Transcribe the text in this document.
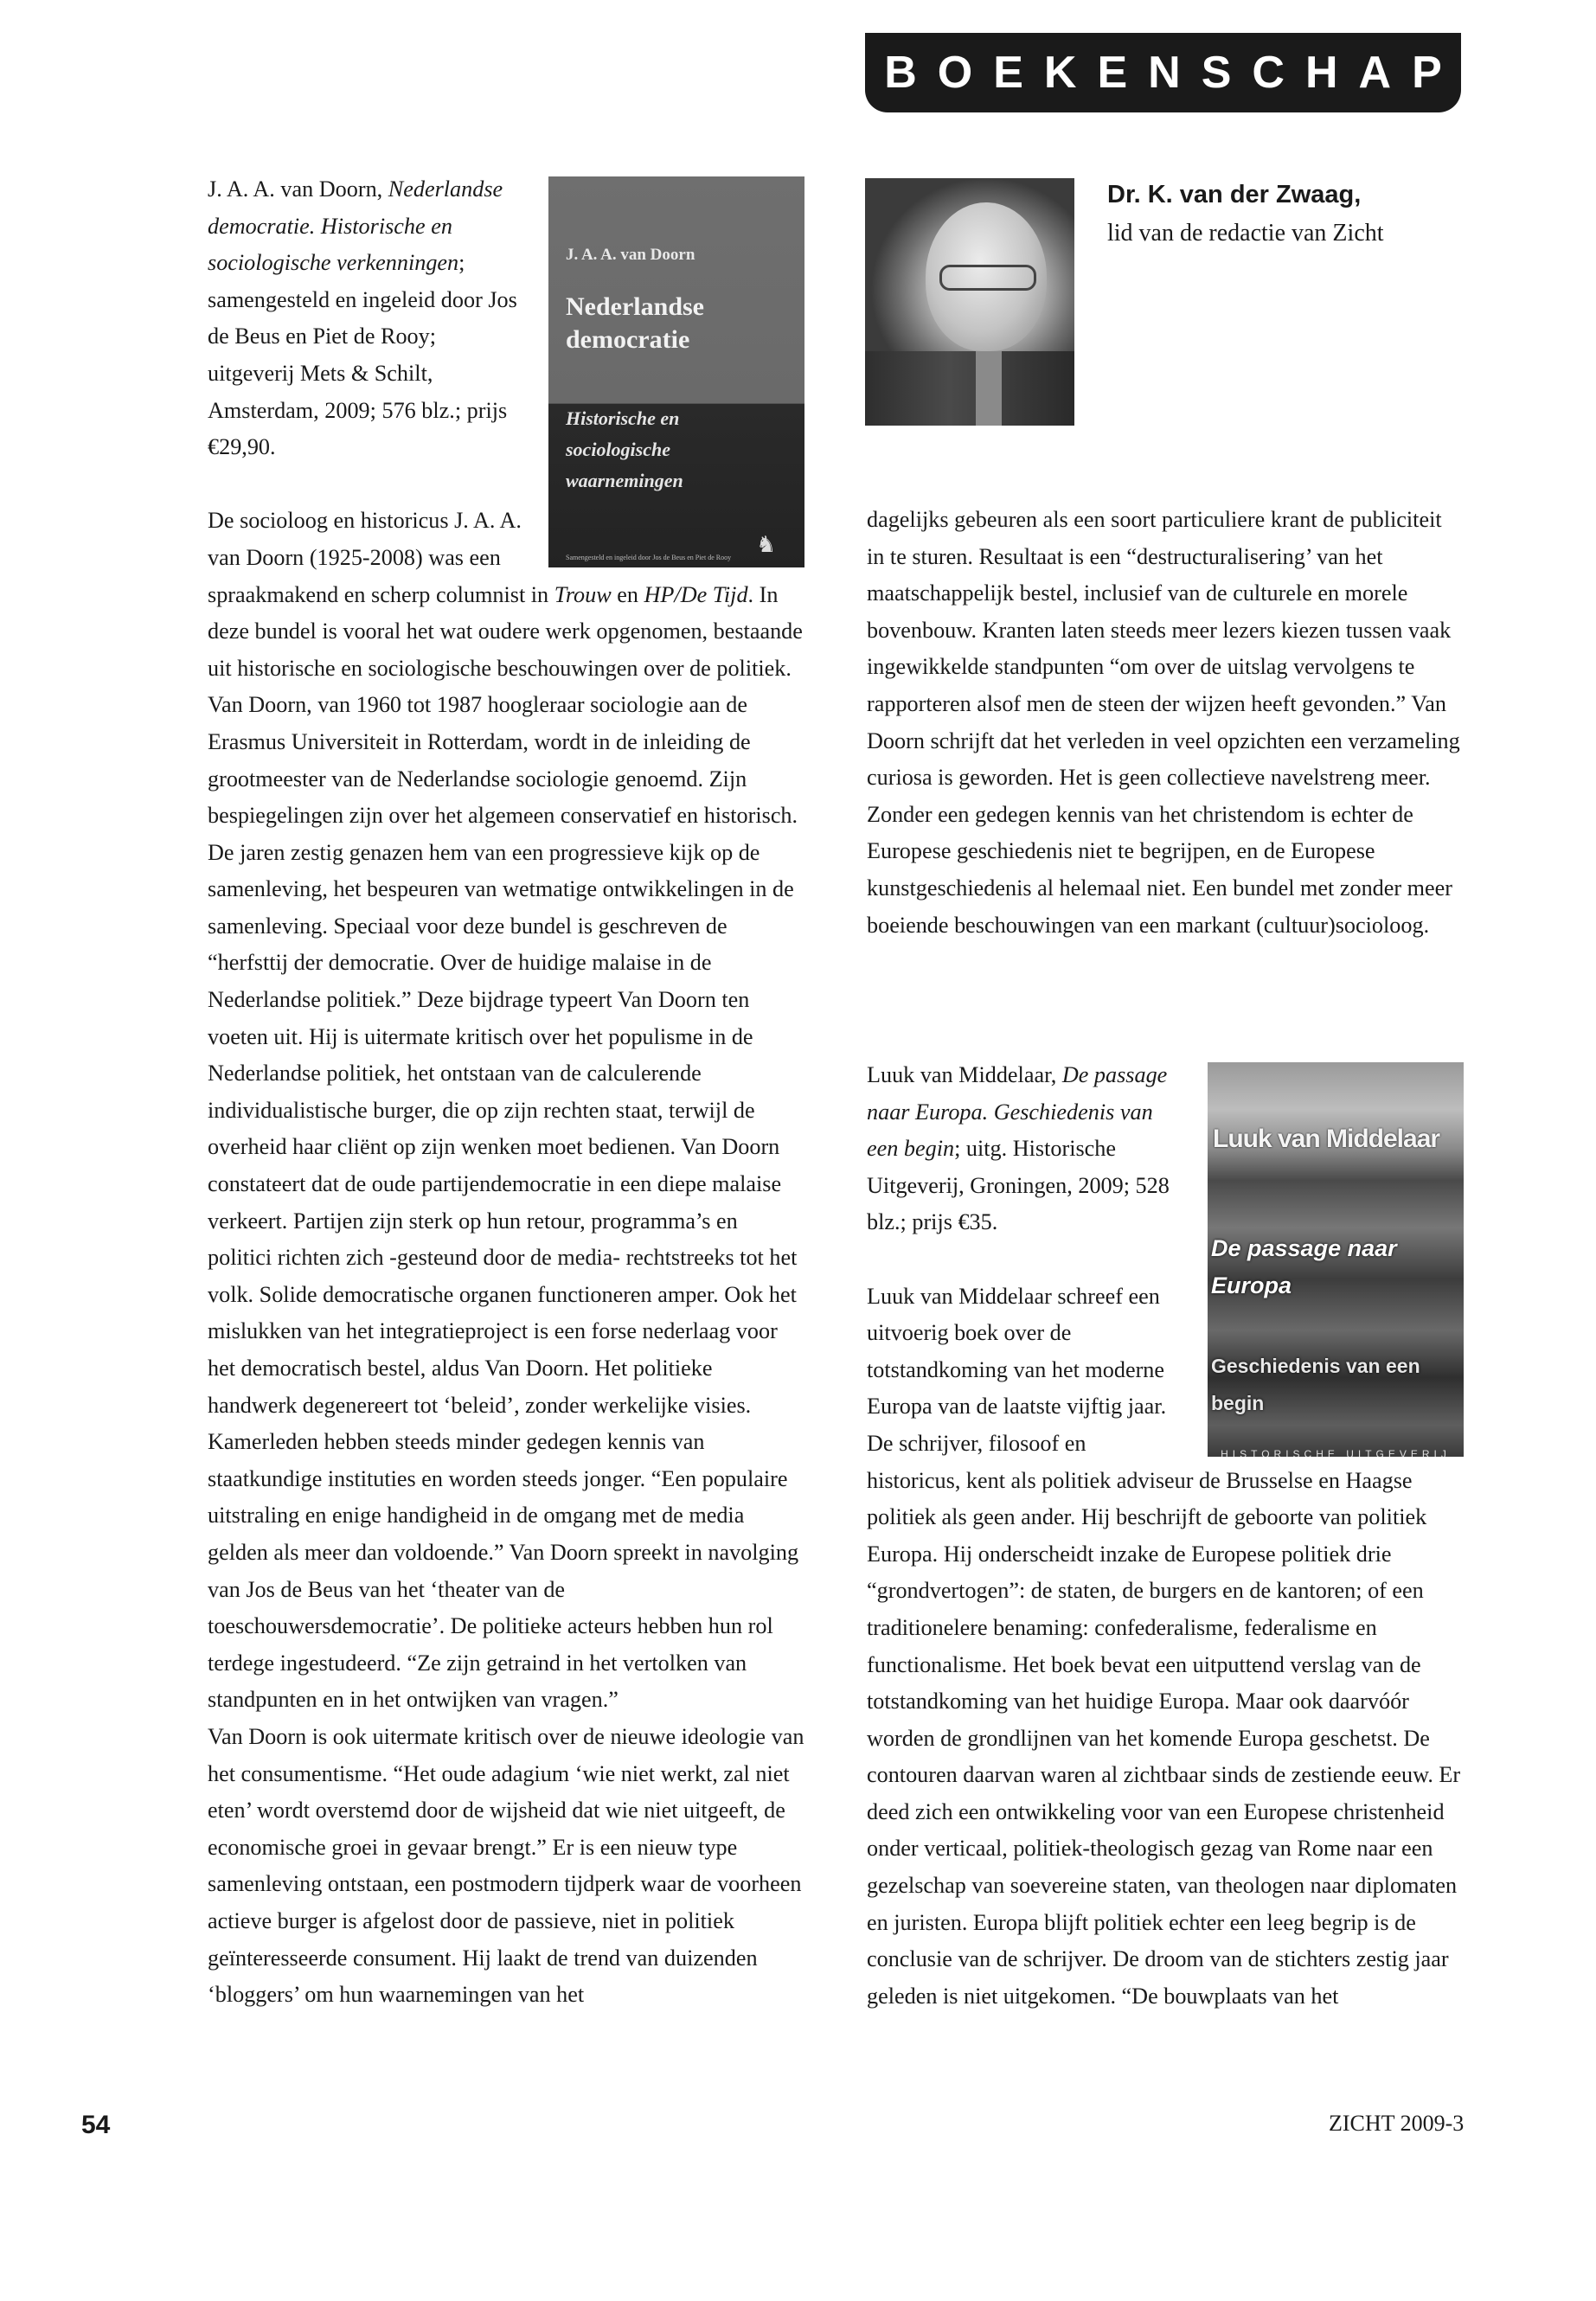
BOEKENSCHAP
J. A. A. van Doorn
Nederlandse democratie
Historische en sociologische waarnemingen
Samengesteld en ingeleid door Jos de Beus en Piet de Rooy
♞

J. A. A. van Doorn, Nederlandse democratie. Historische en sociologische verkenningen; samengesteld en ingeleid door Jos de Beus en Piet de Rooy; uitgeverij Mets & Schilt, Amsterdam, 2009; 576 blz.; prijs €29,90.

De socioloog en historicus J. A. A. van Doorn (1925-2008) was een spraakmakend en scherp columnist in Trouw en HP/De Tijd. In deze bundel is vooral het wat oudere werk opgenomen, bestaande uit historische en sociologische beschouwingen over de politiek. Van Doorn, van 1960 tot 1987 hoogleraar sociologie aan de Erasmus Universiteit in Rotterdam, wordt in de inleiding de grootmeester van de Nederlandse sociologie genoemd. Zijn bespiegelingen zijn over het algemeen conservatief en historisch. De jaren zestig genazen hem van een progressieve kijk op de samenleving, het bespeuren van wetmatige ontwikkelingen in de samenleving. Speciaal voor deze bundel is geschreven de “herfsttij der democratie. Over de huidige malaise in de Nederlandse politiek.” Deze bijdrage typeert Van Doorn ten voeten uit. Hij is uitermate kritisch over het populisme in de Nederlandse politiek, het ontstaan van de calculerende individualistische burger, die op zijn rechten staat, terwijl de overheid haar cliënt op zijn wenken moet bedienen. Van Doorn constateert dat de oude partijendemocratie in een diepe malaise verkeert. Partijen zijn sterk op hun retour, programma’s en politici richten zich -gesteund door de media- rechtstreeks tot het volk. Solide democratische organen functioneren amper. Ook het mislukken van het integratieproject is een forse nederlaag voor het democratisch bestel, aldus Van Doorn. Het politieke handwerk degenereert tot ‘beleid’, zonder werkelijke visies. Kamerleden hebben steeds minder gedegen kennis van staatkundige instituties en worden steeds jonger. “Een populaire uitstraling en enige handigheid in de omgang met de media gelden als meer dan voldoende.” Van Doorn spreekt in navolging van Jos de Beus van het ‘theater van de toeschouwersdemocratie’. De politieke acteurs hebben hun rol terdege ingestudeerd. “Ze zijn getraind in het vertolken van standpunten en in het ontwijken van vragen.”

Van Doorn is ook uitermate kritisch over de nieuwe ideologie van het consumentisme. “Het oude adagium ‘wie niet werkt, zal niet eten’ wordt overstemd door de wijsheid dat wie niet uitgeeft, de economische groei in gevaar brengt.” Er is een nieuw type samenleving ontstaan, een postmodern tijdperk waar de voorheen actieve burger is afgelost door de passieve, niet in politiek geïnteresseerde consument. Hij laakt de trend van duizenden ‘bloggers’ om hun waarnemingen van het

Dr. K. van der Zwaag,
lid van de redactie van Zicht

dagelijks gebeuren als een soort particuliere krant de publiciteit in te sturen. Resultaat is een “destructuralisering’ van het maatschappelijk bestel, inclusief van de culturele en morele bovenbouw. Kranten laten steeds meer lezers kiezen tussen vaak ingewikkelde standpunten “om over de uitslag vervolgens te rapporteren alsof men de steen der wijzen heeft gevonden.” Van Doorn schrijft dat het verleden in veel opzichten een verzameling curiosa is geworden. Het is geen collectieve navelstreng meer. Zonder een gedegen kennis van het christendom is echter de Europese geschiedenis niet te begrijpen, en de Europese kunstgeschiedenis al helemaal niet. Een bundel met zonder meer boeiende beschouwingen van een markant (cultuur)socioloog.

Luuk van Middelaar
De passage naar Europa
Geschiedenis van een begin
HISTORISCHE UITGEVERIJ

Luuk van Middelaar, De passage naar Europa. Geschiedenis van een begin; uitg. Historische Uitgeverij, Groningen, 2009; 528 blz.; prijs €35.

Luuk van Middelaar schreef een uitvoerig boek over de totstandkoming van het moderne Europa van de laatste vijftig jaar. De schrijver, filosoof en historicus, kent als politiek adviseur de Brusselse en Haagse politiek als geen ander. Hij beschrijft de geboorte van politiek Europa. Hij onderscheidt inzake de Europese politiek drie “grondvertogen”: de staten, de burgers en de kantoren; of een traditionelere benaming: confederalisme, federalisme en functionalisme. Het boek bevat een uitputtend verslag van de totstandkoming van het huidige Europa. Maar ook daarvóór worden de grondlijnen van het komende Europa geschetst. De contouren daarvan waren al zichtbaar sinds de zestiende eeuw. Er deed zich een ontwikkeling voor van een Europese christenheid onder verticaal, politiek-theologisch gezag van Rome naar een gezelschap van soevereine staten, van theologen naar diplomaten en juristen. Europa blijft politiek echter een leeg begrip is de conclusie van de schrijver. De droom van de stichters zestig jaar geleden is niet uitgekomen. “De bouwplaats van het

54	ZICHT 2009-3
